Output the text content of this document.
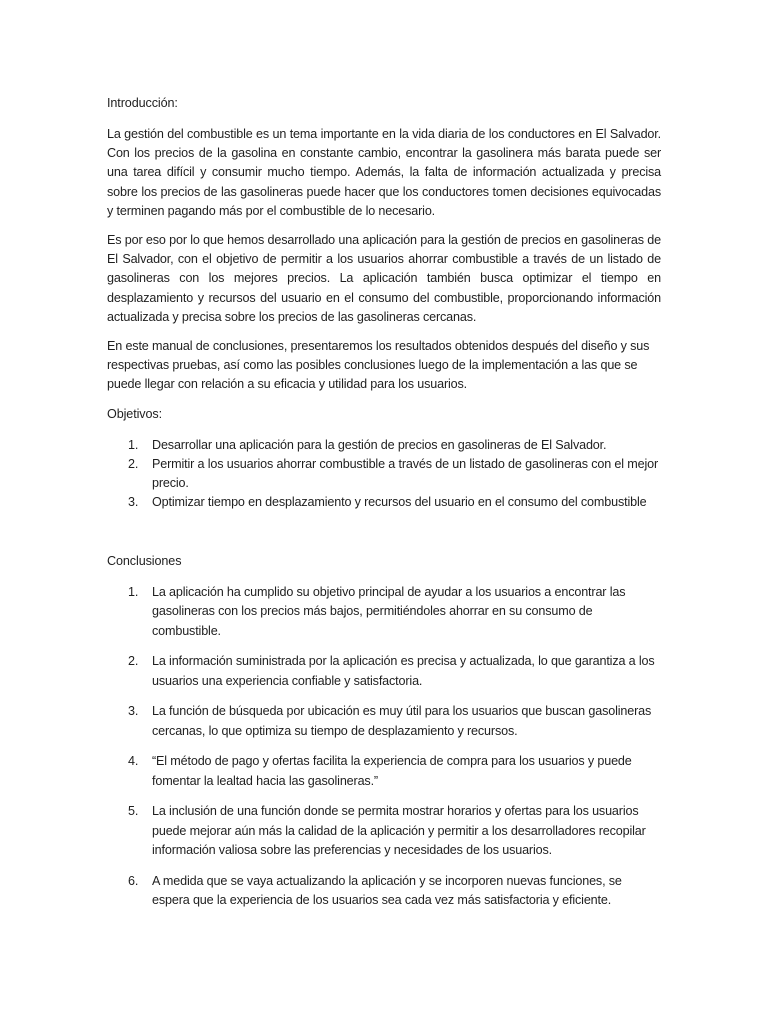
Introducción:

La gestión del combustible es un tema importante en la vida diaria de los conductores en El Salvador. Con los precios de la gasolina en constante cambio, encontrar la gasolinera más barata puede ser una tarea difícil y consumir mucho tiempo. Además, la falta de información actualizada y precisa sobre los precios de las gasolineras puede hacer que los conductores tomen decisiones equivocadas y terminen pagando más por el combustible de lo necesario.

Es por eso por lo que hemos desarrollado una aplicación para la gestión de precios en gasolineras de El Salvador, con el objetivo de permitir a los usuarios ahorrar combustible a través de un listado de gasolineras con los mejores precios. La aplicación también busca optimizar el tiempo en desplazamiento y recursos del usuario en el consumo del combustible, proporcionando información actualizada y precisa sobre los precios de las gasolineras cercanas.

En este manual de conclusiones, presentaremos los resultados obtenidos después del diseño y sus respectivas pruebas, así como las posibles conclusiones luego de la implementación a las que se puede llegar con relación a su eficacia y utilidad para los usuarios.

Objetivos:
1. Desarrollar una aplicación para la gestión de precios en gasolineras de El Salvador.
2. Permitir a los usuarios ahorrar combustible a través de un listado de gasolineras con el mejor precio.
3. Optimizar tiempo en desplazamiento y recursos del usuario en el consumo del combustible
Conclusiones
1. La aplicación ha cumplido su objetivo principal de ayudar a los usuarios a encontrar las gasolineras con los precios más bajos, permitiéndoles ahorrar en su consumo de combustible.
2. La información suministrada por la aplicación es precisa y actualizada, lo que garantiza a los usuarios una experiencia confiable y satisfactoria.
3. La función de búsqueda por ubicación es muy útil para los usuarios que buscan gasolineras cercanas, lo que optimiza su tiempo de desplazamiento y recursos.
4. “El método de pago y ofertas facilita la experiencia de compra para los usuarios y puede fomentar la lealtad hacia las gasolineras.”
5. La inclusión de una función donde se permita mostrar horarios y ofertas para los usuarios puede mejorar aún más la calidad de la aplicación y permitir a los desarrolladores recopilar información valiosa sobre las preferencias y necesidades de los usuarios.
6. A medida que se vaya actualizando la aplicación y se incorporen nuevas funciones, se espera que la experiencia de los usuarios sea cada vez más satisfactoria y eficiente.
